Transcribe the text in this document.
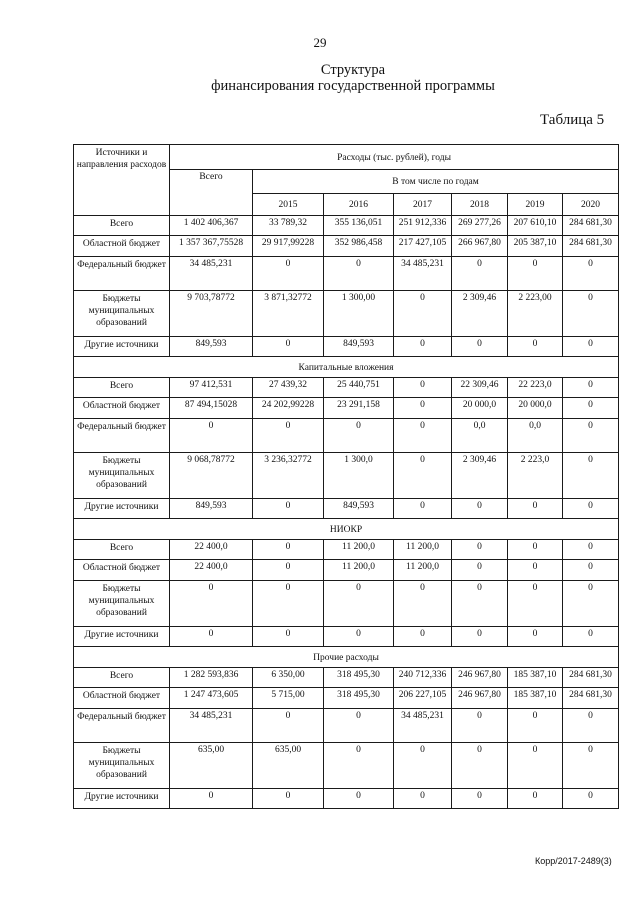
29
Структура
финансирования государственной программы
Таблица 5
Источники и направления расходов	Расходы (тыс. рублей), годы						
	Всего	В том числе по годам					
		2015	2016	2017	2018	2019	2020
Всего	1 402 406,367	33 789,32	355 136,051	251 912,336	269 277,26	207 610,10	284 681,30
Областной бюджет	1 357 367,75528	29 917,99228	352 986,458	217 427,105	266 967,80	205 387,10	284 681,30
Федеральный бюджет	34 485,231	0	0	34 485,231	0	0	0
Бюджеты муниципальных образований	9 703,78772	3 871,32772	1 300,00	0	2 309,46	2 223,00	0
Другие источники	849,593	0	849,593	0	0	0	0
Капитальные вложения							
Всего	97 412,531	27 439,32	25 440,751	0	22 309,46	22 223,0	0
Областной бюджет	87 494,15028	24 202,99228	23 291,158	0	20 000,0	20 000,0	0
Федеральный бюджет	0	0	0	0	0,0	0,0	0
Бюджеты муниципальных образований	9 068,78772	3 236,32772	1 300,0	0	2 309,46	2 223,0	0
Другие источники	849,593	0	849,593	0	0	0	0
НИОКР							
Всего	22 400,0	0	11 200,0	11 200,0	0	0	0
Областной бюджет	22 400,0	0	11 200,0	11 200,0	0	0	0
Бюджеты муниципальных образований	0	0	0	0	0	0	0
Другие источники	0	0	0	0	0	0	0
Прочие расходы							
Всего	1 282 593,836	6 350,00	318 495,30	240 712,336	246 967,80	185 387,10	284 681,30
Областной бюджет	1 247 473,605	5 715,00	318 495,30	206 227,105	246 967,80	185 387,10	284 681,30
Федеральный бюджет	34 485,231	0	0	34 485,231	0	0	0
Бюджеты муниципальных образований	635,00	635,00	0	0	0	0	0
Другие источники	0	0	0	0	0	0	0
Корр/2017-2489(3)
